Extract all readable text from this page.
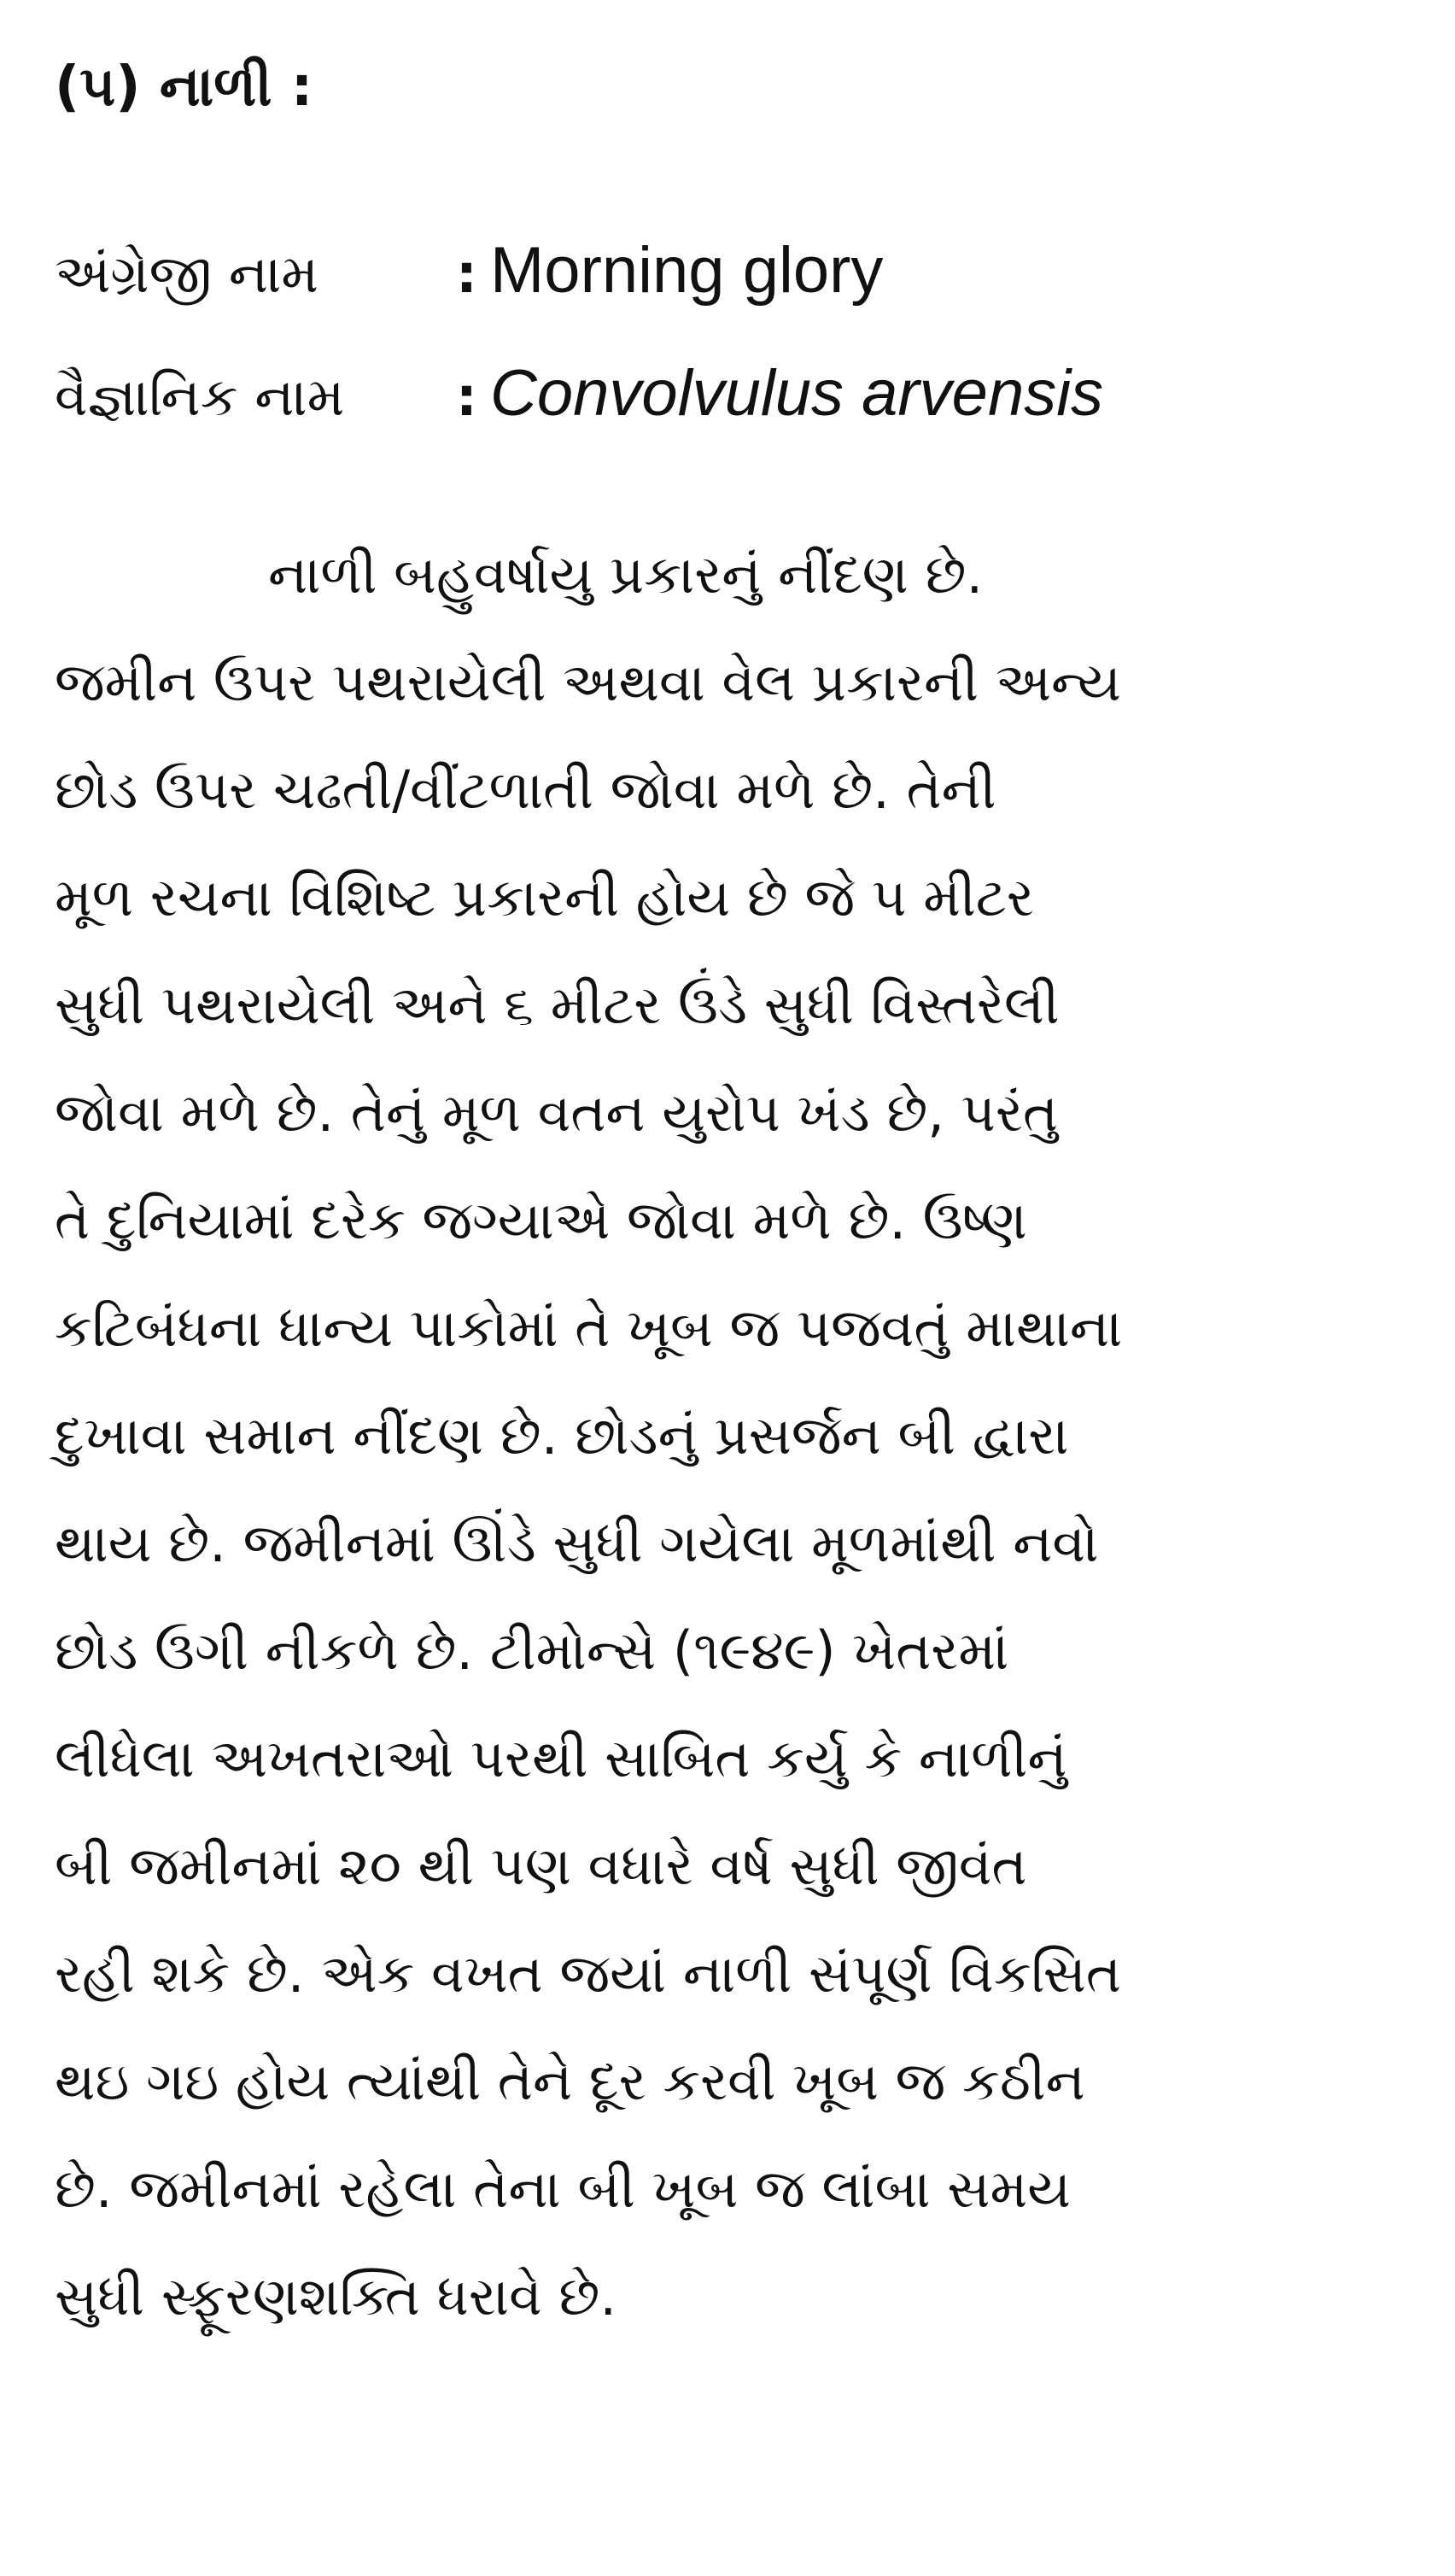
(૫) નાળી :
અંગ્રેજી નામ	: Morning glory
વૈજ્ઞાનિક નામ : Convolvulus arvensis
નાળી બહુવર્ષાયુ પ્રકારનું નીંદણ છે.
જમીન ઉપર પથરાયેલી અથવા વેલ પ્રકારની અન્ય
છોડ ઉપર ચઢતી/વીંટળાતી જોવા મળે છે. તેની
મૂળ રચના વિશિષ્ટ પ્રકારની હોય છે જે ૫ મીટર
સુધી પથરાયેલી અને ૬ મીટર ઉંડે સુધી વિસ્તરેલી
જોવા મળે છે. તેનું મૂળ વતન યુરોપ ખંડ છે, પરંતુ
તે દુનિયામાં દરેક જગ્યાએ જોવા મળે છે. ઉષ્ણ
કટિબંધના ધાન્ય પાકોમાં તે ખૂબ જ પજવતું માથાના
દુખાવા સમાન નીંદણ છે. છોડનું પ્રસર્જન બી દ્વારા
થાય છે. જમીનમાં ઊંડે સુધી ગયેલા મૂળમાંથી નવો
છોડ ઉગી નીકળે છે. ટીમોન્સે (૧૯૪૯) ખેતરમાં
લીધેલા અખતરાઓ પરથી સાબિત કર્યુ કે નાળીનું
બી જમીનમાં ૨૦ થી પણ વધારે વર્ષ સુધી જીવંત
રહી શકે છે. એક વખત જયાં નાળી સંપૂર્ણ વિકસિત
થઇ ગઇ હોય ત્યાંથી તેને દૂર કરવી ખૂબ જ કઠીન
છે. જમીનમાં રહેલા તેના બી ખૂબ જ લાંબા સમય
સુધી સ્ફૂરણશક્તિ ધરાવે છે.
